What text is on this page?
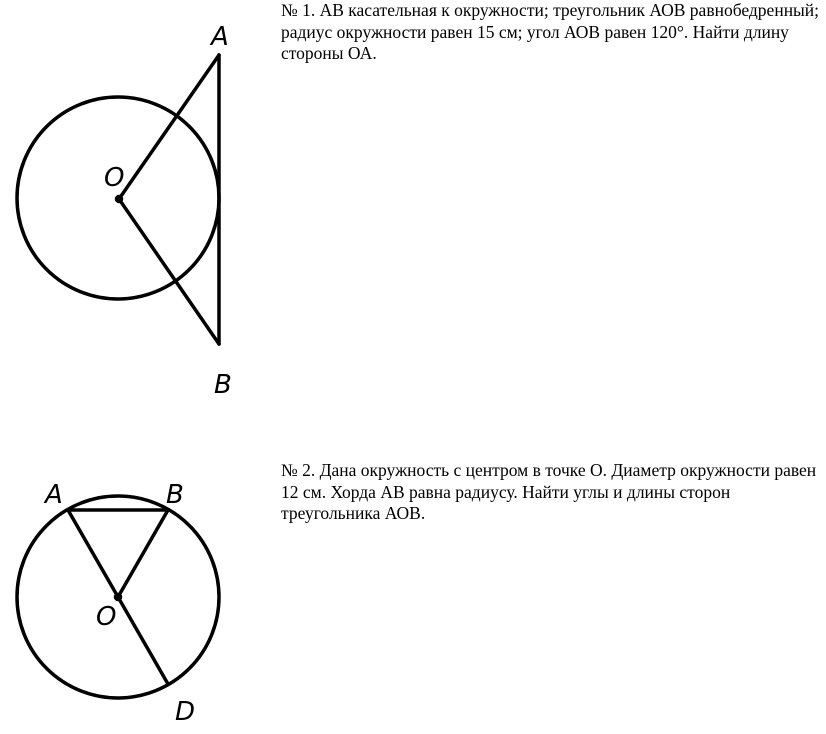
№ 1. АВ касательная к окружности; треугольник АОВ равнобедренный; радиус окружности равен 15 см; угол АОВ равен 120°. Найти длину стороны ОА.

№ 2. Дана окружность с центром в точке О. Диаметр окружности равен 12 см. Хорда АВ равна радиусу. Найти углы и длины сторон треугольника АОВ.

A
O
B
A	B
O
D
